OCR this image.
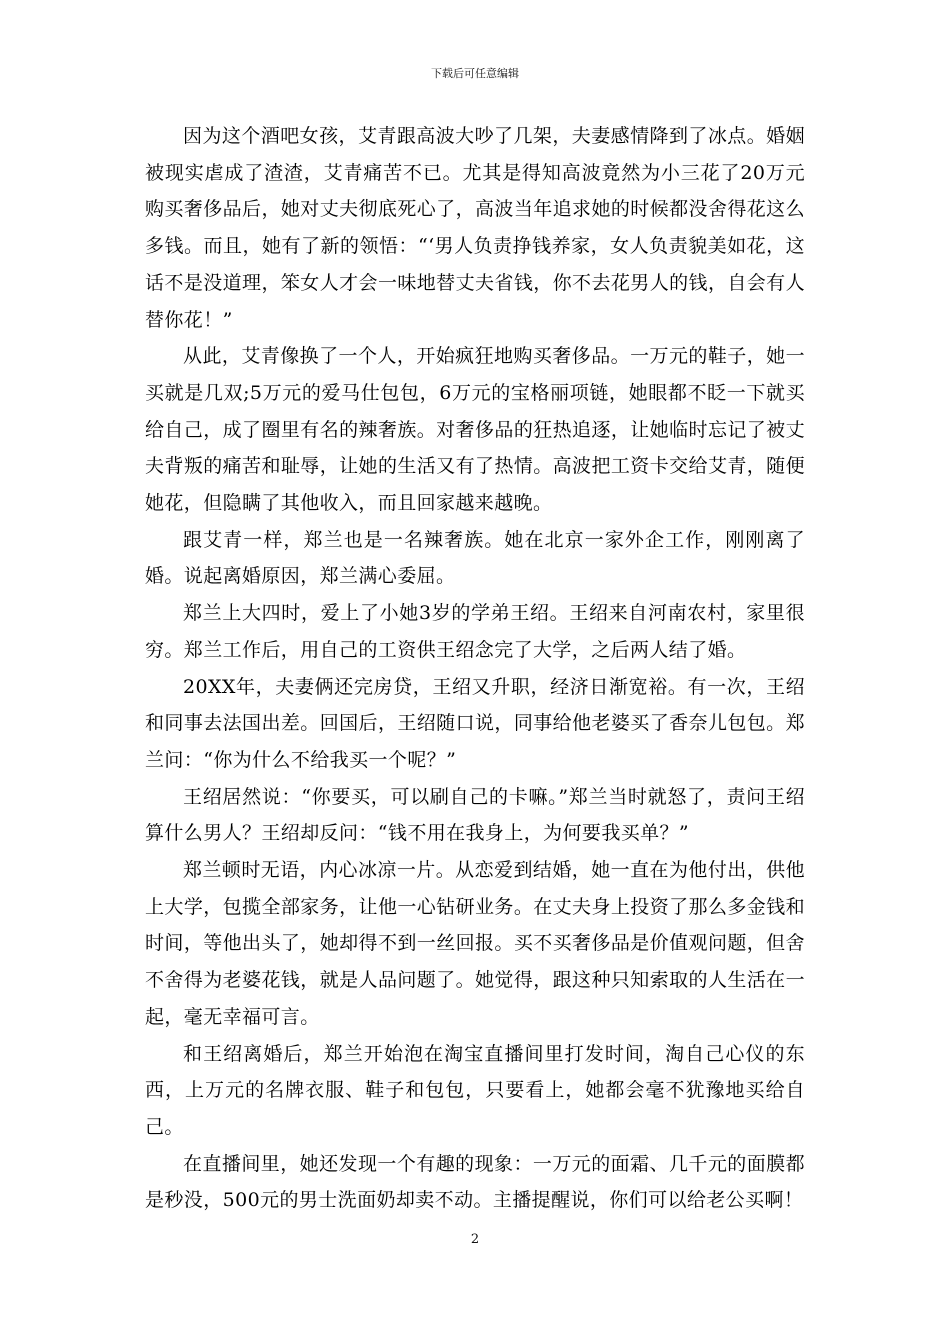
下载后可任意编辑

因为这个酒吧女孩，艾青跟高波大吵了几架，夫妻感情降到了冰点。婚姻被现实虐成了渣渣，艾青痛苦不已。尤其是得知高波竟然为小三花了20万元购买奢侈品后，她对丈夫彻底死心了，高波当年追求她的时候都没舍得花这么多钱。而且，她有了新的领悟：“‘男人负责挣钱养家，女人负责貌美如花，这话不是没道理，笨女人才会一味地替丈夫省钱，你不去花男人的钱，自会有人替你花！”

从此，艾青像换了一个人，开始疯狂地购买奢侈品。一万元的鞋子，她一买就是几双;5万元的爱马仕包包，6万元的宝格丽项链，她眼都不眨一下就买给自己，成了圈里有名的辣奢族。对奢侈品的狂热追逐，让她临时忘记了被丈夫背叛的痛苦和耻辱，让她的生活又有了热情。高波把工资卡交给艾青，随便她花，但隐瞒了其他收入，而且回家越来越晚。

跟艾青一样，郑兰也是一名辣奢族。她在北京一家外企工作，刚刚离了婚。说起离婚原因，郑兰满心委屈。

郑兰上大四时，爱上了小她3岁的学弟王绍。王绍来自河南农村，家里很穷。郑兰工作后，用自己的工资供王绍念完了大学，之后两人结了婚。

20XX年，夫妻俩还完房贷，王绍又升职，经济日渐宽裕。有一次，王绍和同事去法国出差。回国后，王绍随口说，同事给他老婆买了香奈儿包包。郑兰问：“你为什么不给我买一个呢？”

王绍居然说：“你要买，可以刷自己的卡嘛。”郑兰当时就怒了，责问王绍算什么男人？王绍却反问：“钱不用在我身上，为何要我买单？”

郑兰顿时无语，内心冰凉一片。从恋爱到结婚，她一直在为他付出，供他上大学，包揽全部家务，让他一心钻研业务。在丈夫身上投资了那么多金钱和时间，等他出头了，她却得不到一丝回报。买不买奢侈品是价值观问题，但舍不舍得为老婆花钱，就是人品问题了。她觉得，跟这种只知索取的人生活在一起，毫无幸福可言。

和王绍离婚后，郑兰开始泡在淘宝直播间里打发时间，淘自己心仪的东西，上万元的名牌衣服、鞋子和包包，只要看上，她都会毫不犹豫地买给自己。

在直播间里，她还发现一个有趣的现象：一万元的面霜、几千元的面膜都是秒没，500元的男士洗面奶却卖不动。主播提醒说，你们可以给老公买啊！

2
